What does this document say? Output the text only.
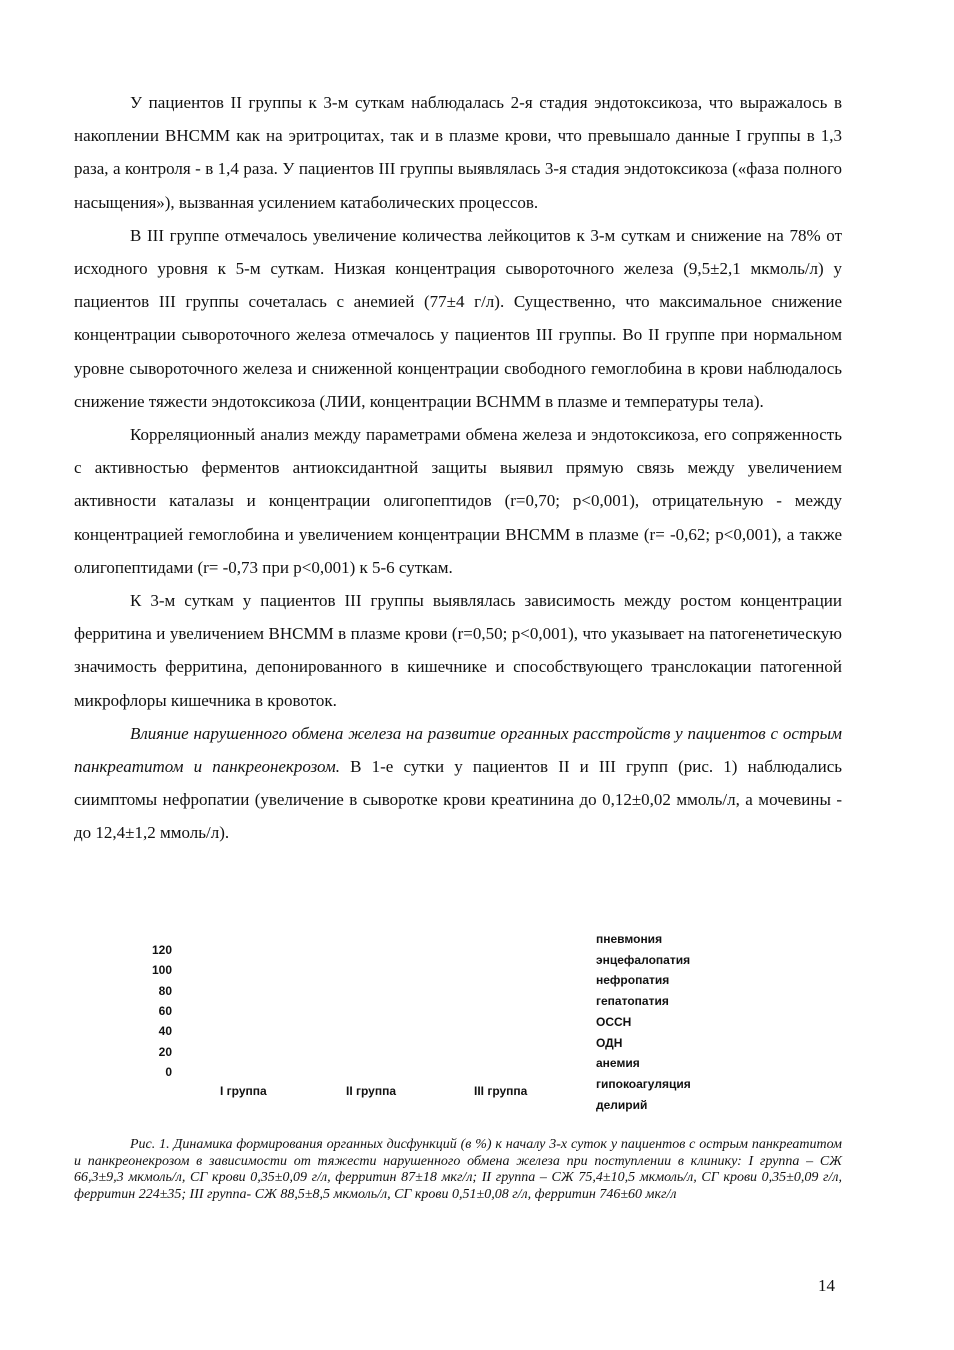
У пациентов II группы к 3-м суткам наблюдалась 2-я стадия эндотоксикоза, что выражалось в накоплении ВНСММ как на эритроцитах, так и в плазме крови, что превышало данные I группы в 1,3 раза, а контроля - в 1,4 раза. У пациентов III группы выявлялась 3-я стадия эндотоксикоза («фаза полного насыщения»), вызванная усилением катаболических процессов.

В III группе отмечалось увеличение количества лейкоцитов к 3-м суткам и снижение на 78% от исходного уровня к 5-м суткам. Низкая концентрация сывороточного железа (9,5±2,1 мкмоль/л) у пациентов III группы сочеталась с анемией (77±4 г/л). Существенно, что максимальное снижение концентрации сывороточного железа отмечалось у пациентов III группы. Во II группе при нормальном уровне сывороточного железа и сниженной концентрации свободного гемоглобина в крови наблюдалось снижение тяжести эндотоксикоза (ЛИИ, концентрации ВСНММ в плазме и температуры тела).

Корреляционный анализ между параметрами обмена железа и эндотоксикоза, его сопряженность с активностью ферментов антиоксидантной защиты выявил прямую связь между увеличением активности каталазы и концентрации олигопептидов (r=0,70; p<0,001), отрицательную - между концентрацией гемоглобина и увеличением концентрации ВНСММ в плазме (r= -0,62; p<0,001), а также олигопептидами (r= -0,73 при p<0,001) к 5-6 суткам.

К 3-м суткам у пациентов III группы выявлялась зависимость между ростом концентрации ферритина и увеличением ВНСММ в плазме крови (r=0,50; p<0,001), что указывает на патогенетическую значимость ферритина, депонированного в кишечнике и способствующего транслокации патогенной микрофлоры кишечника в кровоток.

Влияние нарушенного обмена железа на развитие органных расстройств у пациентов с острым панкреатитом и панкреонекрозом. В 1-е сутки у пациентов II и III групп (рис. 1) наблюдались сиимптомы нефропатии (увеличение в сыворотке крови креатинина до 0,12±0,02 ммоль/л, а мочевины - до 12,4±1,2 ммоль/л).

120
100
80
60
40
20
0
I группа	II группа	III группа
пневмония
энцефалопатия
нефропатия
гепатопатия
ОССН
ОДН
анемия
гипокоагуляция
делирий

Рис. 1. Динамика формирования органных дисфункций (в %) к началу 3-х суток у пациентов с острым панкреатитом и панкреонекрозом в зависимости от тяжести нарушенного обмена железа при поступлении в клинику: I группа – СЖ 66,3±9,3 мкмоль/л, СГ крови 0,35±0,09 г/л, ферритин 87±18 мкг/л; II группа – СЖ 75,4±10,5 мкмоль/л, СГ крови 0,35±0,09 г/л, ферритин 224±35; III группа- СЖ 88,5±8,5 мкмоль/л, СГ крови 0,51±0,08 г/л, ферритин 746±60 мкг/л

14
